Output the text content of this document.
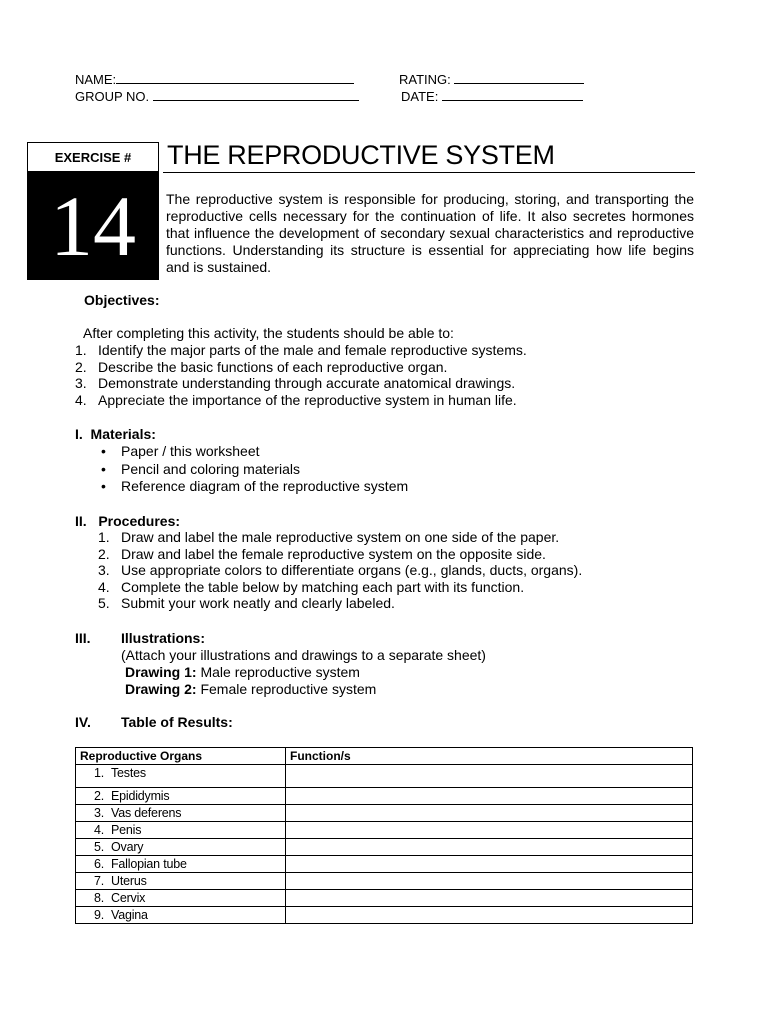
NAME:	RATING:
GROUP NO.	DATE:
EXERCISE #
14
THE REPRODUCTIVE SYSTEM

The reproductive system is responsible for producing, storing, and transporting the reproductive cells necessary for the continuation of life. It also secretes hormones that influence the development of secondary sexual characteristics and reproductive functions. Understanding its structure is essential for appreciating how life begins and is sustained.

Objectives:
After completing this activity, the students should be able to:
1. Identify the major parts of the male and female reproductive systems.
2. Describe the basic functions of each reproductive organ.
3. Demonstrate understanding through accurate anatomical drawings.
4. Appreciate the importance of the reproductive system in human life.
I.  Materials:
• Paper / this worksheet
• Pencil and coloring materials
• Reference diagram of the reproductive system
II.   Procedures:
1. Draw and label the male reproductive system on one side of the paper.
2. Draw and label the female reproductive system on the opposite side.
3. Use appropriate colors to differentiate organs (e.g., glands, ducts, organs).
4. Complete the table below by matching each part with its function.
5. Submit your work neatly and clearly labeled.
III. Illustrations:
(Attach your illustrations and drawings to a separate sheet)
Drawing 1: Male reproductive system
Drawing 2: Female reproductive system
IV. Table of Results:
Reproductive Organs	Function/s
1. Testes	
2. Epididymis	
3. Vas deferens	
4. Penis	
5. Ovary	
6. Fallopian tube	
7. Uterus	
8. Cervix	
9. Vagina	
